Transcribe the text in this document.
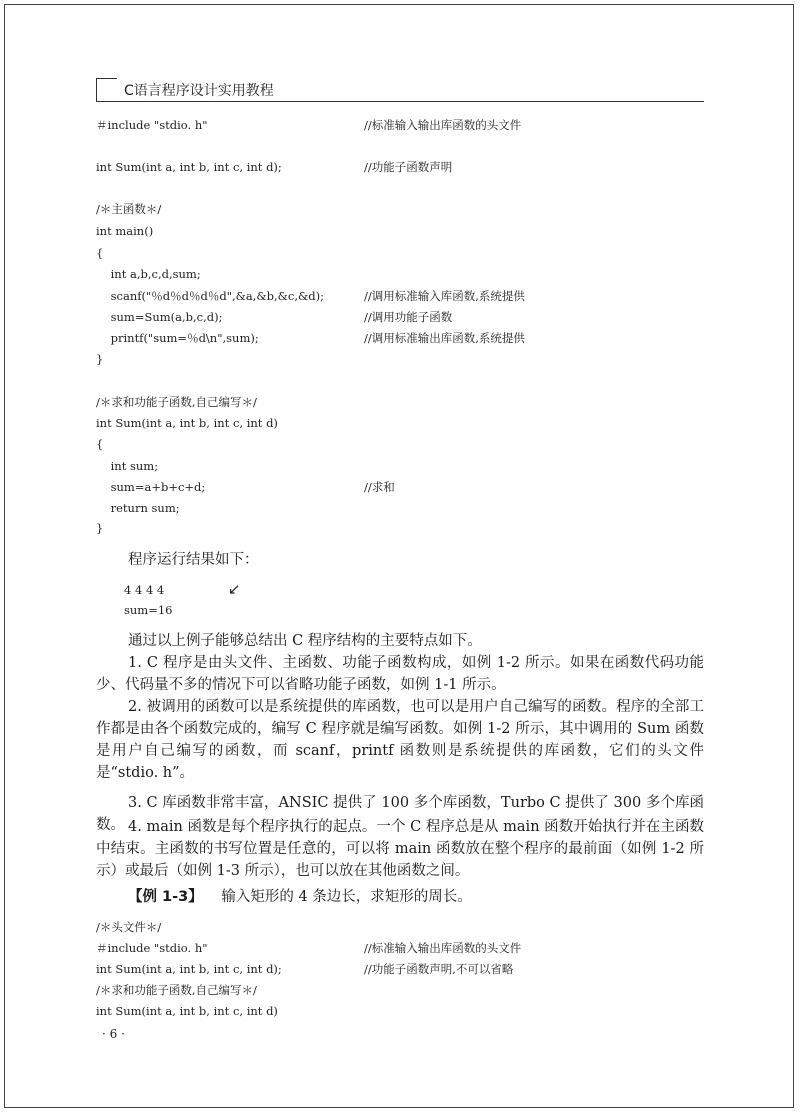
C语言程序设计实用教程
＃include "stdio. h"	//标准输入输出库函数的头文件
int Sum(int a, int b, int c, int d);	//功能子函数声明
/＊主函数＊/
int main()
{
int a,b,c,d,sum;
scanf("％d％d％d％d",&a,&b,&c,&d);	//调用标准输入库函数,系统提供
sum=Sum(a,b,c,d);	//调用功能子函数
printf("sum=％d\n",sum);	//调用标准输出库函数,系统提供
}
/＊求和功能子函数,自己编写＊/
int Sum(int a, int b, int c, int d)
{
int sum;
sum=a+b+c+d;	//求和
return sum;
}
程序运行结果如下：
4 4 4 4	↙
sum=16
通过以上例子能够总结出 C 程序结构的主要特点如下。
1. C 程序是由头文件、主函数、功能子函数构成，如例 1-2 所示。如果在函数代码功能少、代码量不多的情况下可以省略功能子函数，如例 1-1 所示。
2. 被调用的函数可以是系统提供的库函数，也可以是用户自己编写的函数。程序的全部工作都是由各个函数完成的，编写 C 程序就是编写函数。如例 1-2 所示，其中调用的 Sum 函数是用户自己编写的函数，而 scanf，printf 函数则是系统提供的库函数，它们的头文件是“stdio. h”。
3. C 库函数非常丰富，ANSIC 提供了 100 多个库函数，Turbo C 提供了 300 多个库函数。 4. main 函数是每个程序执行的起点。一个 C 程序总是从 main 函数开始执行并在主函数中结束。主函数的书写位置是任意的，可以将 main 函数放在整个程序的最前面（如例 1-2 所示）或最后（如例 1-3 所示），也可以放在其他函数之间。
【例 1-3】 输入矩形的 4 条边长，求矩形的周长。
/＊头文件＊/
＃include "stdio. h"	//标准输入输出库函数的头文件
int Sum(int a, int b, int c, int d);	//功能子函数声明,不可以省略
/＊求和功能子函数,自己编写＊/
int Sum(int a, int b, int c, int d)
· 6 ·
